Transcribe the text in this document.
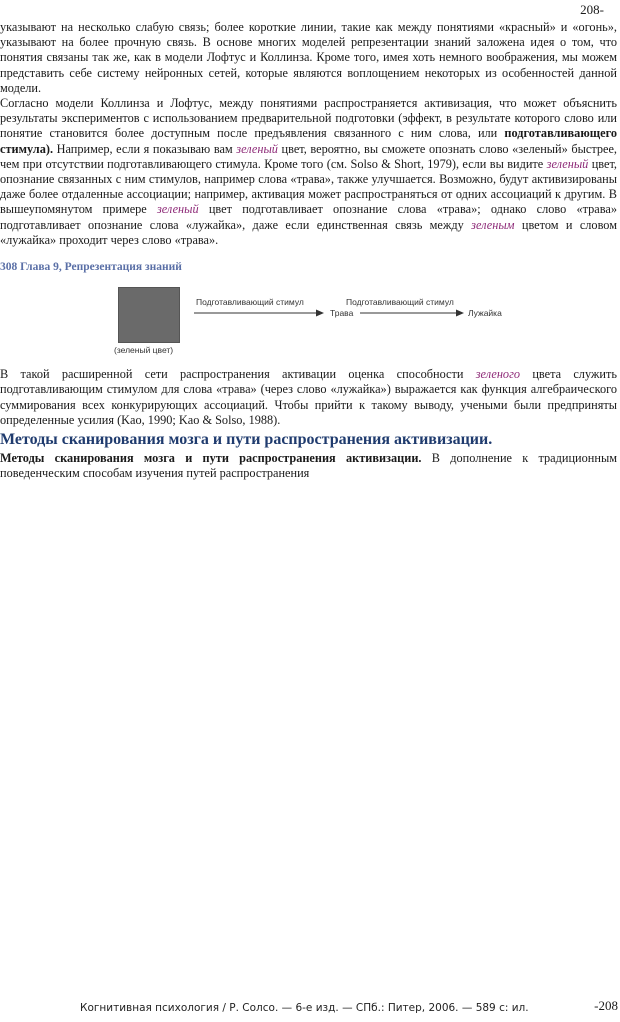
208-

указывают на несколько слабую связь; более короткие линии, такие как между понятиями «красный» и «огонь», указывают на более прочную связь. В основе многих моделей репрезентации знаний заложена идея о том, что понятия связаны так же, как в модели Лофтус и Коллинза. Кроме того, имея хоть немного воображения, мы можем представить себе систему нейронных сетей, которые являются воплощением некоторых из особенностей данной модели.

Согласно модели Коллинза и Лофтус, между понятиями распространяется активизация, что может объяснить результаты экспериментов с использованием предварительной подготовки (эффект, в результате которого слово или понятие становится более доступным после предъявления связанного с ним слова, или подготавливающего стимула). Например, если я показываю вам зеленый цвет, вероятно, вы сможете опознать слово «зеленый» быстрее, чем при отсутствии подготавливающего стимула. Кроме того (см. Solso & Short, 1979), если вы видите зеленый цвет, опознание связанных с ним стимулов, например слова «трава», также улучшается. Возможно, будут активизированы даже более отдаленные ассоциации; например, активация может распространяться от одних ассоциаций к другим. В вышеупомянутом примере зеленый цвет подготавливает опознание слова «трава»; однако слово «трава» подготавливает опознание слова «лужайка», даже если единственная связь между зеленым цветом и словом «лужайка» проходит через слово «трава».

308 Глава 9, Репрезентация знаний

(зеленый цвет)
Подготавливающий стимул
Трава
Подготавливающий стимул
Лужайка

В такой расширенной сети распространения активации оценка способности зеленого цвета служить подготавливающим стимулом для слова «трава» (через слово «лужайка») выражается как функция алгебраического суммирования всех конкурирующих ассоциаций. Чтобы прийти к такому выводу, учеными были предприняты определенные усилия (Kao, 1990; Kao & Solso, 1988).

Методы сканирования мозга и пути распространения активизации.

Методы сканирования мозга и пути распространения активизации. В дополнение к традиционным поведенческим способам изучения путей распространения

Когнитивная психология / Р. Солсо. — 6-е изд. — СПб.: Питер, 2006. — 589 с: ил.	-208
